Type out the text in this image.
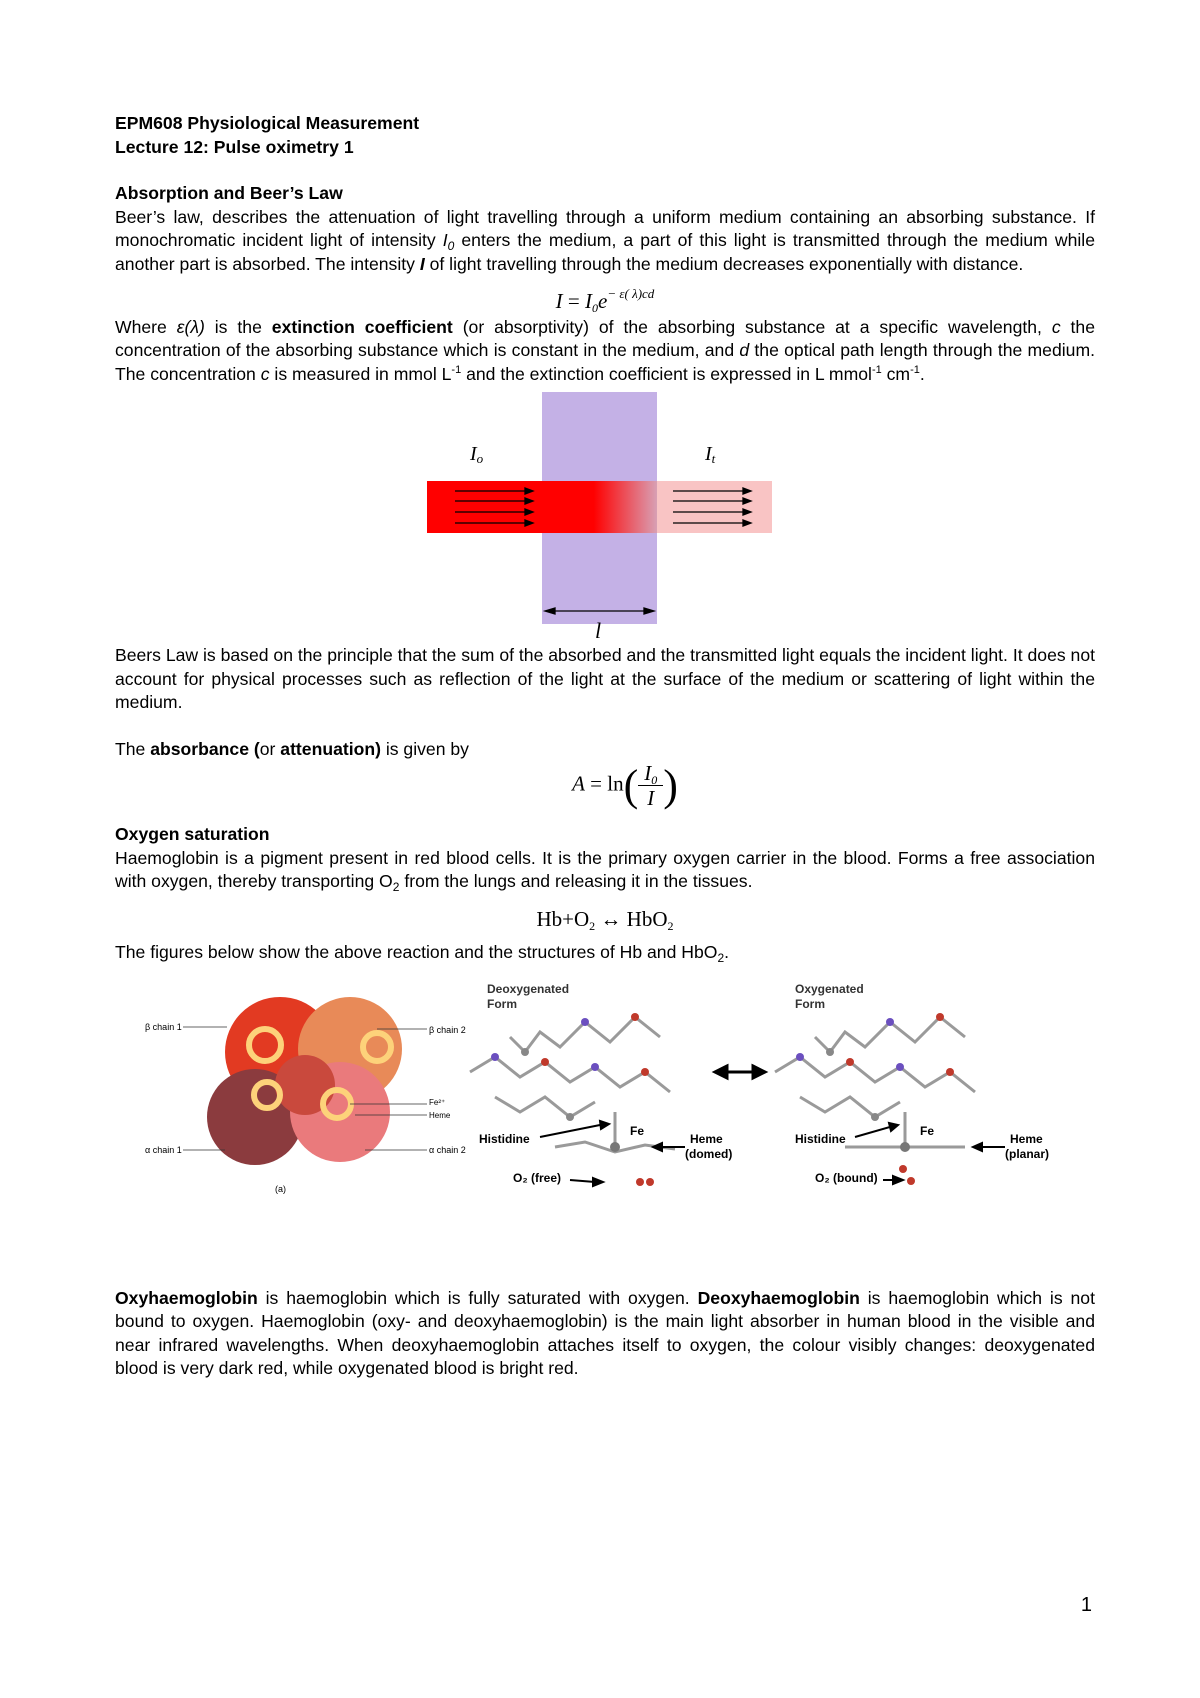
EPM608 Physiological Measurement
Lecture 12: Pulse oximetry 1
Absorption and Beer’s Law

Beer’s law, describes the attenuation of light travelling through a uniform medium containing an absorbing substance. If monochromatic incident light of intensity $I_0$ enters the medium, a part of this light is transmitted through the medium while another part is absorbed. The intensity I of light travelling through the medium decreases exponentially with distance.

$I = I_0e^{- \varepsilon( \lambda)cd}$

Where ε(λ) is the extinction coefficient (or absorptivity) of the absorbing substance at a specific wavelength, c the concentration of the absorbing substance which is constant in the medium, and d the optical path length through the medium. The concentration c is measured in mmol $L^{-1}$ and the extinction coefficient is expressed in L mmol$^{-1}$ $cm^{-1}$.

Io	It
l

Beers Law is based on the principle that the sum of the absorbed and the transmitted light equals the incident light. It does not account for physical processes such as reflection of the light at the surface of the medium or scattering of light within the medium.

The absorbance (or attenuation) is given by

$A = \ln( \frac{I_0}{I}$ )
Oxygen saturation

Haemoglobin is a pigment present in red blood cells. It is the primary oxygen carrier in the blood. Forms a free association with oxygen, thereby transporting $O_2$ from the lungs and releasing it in the tissues.

$Hb+O_2$ ↔ HbO$_2$

The figures below show the above reaction and the structures of Hb and HbO$_2$.

β chain 1	β chain 2
Fe²⁺
Heme
α chain 1	α chain 2
(a)
Deoxygenated
Form
Histidine
Fe
Heme
(domed)
O₂ (free)
Oxygenated
Form
Histidine
Fe
Heme
(planar)
O₂ (bound)

Oxyhaemoglobin is haemoglobin which is fully saturated with oxygen. Deoxyhaemoglobin is haemoglobin which is not bound to oxygen. Haemoglobin (oxy- and deoxyhaemoglobin) is the main light absorber in human blood in the visible and near infrared wavelengths. When deoxyhaemoglobin attaches itself to oxygen, the colour visibly changes: deoxygenated blood is very dark red, while oxygenated blood is bright red.

1
